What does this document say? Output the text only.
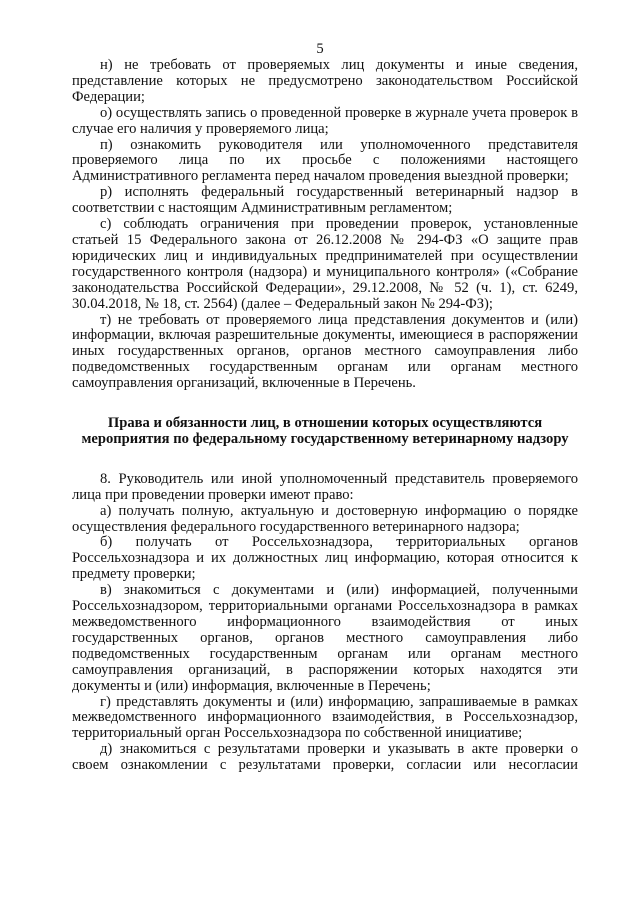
5

н) не требовать от проверяемых лиц документы и иные сведения, представление которых не предусмотрено законодательством Российской Федерации;

о) осуществлять запись о проведенной проверке в журнале учета проверок в случае его наличия у проверяемого лица;

п) ознакомить руководителя или уполномоченного представителя проверяемого лица по их просьбе с положениями настоящего Административного регламента перед началом проведения выездной проверки;

р) исполнять федеральный государственный ветеринарный надзор в соответствии с настоящим Административным регламентом;

с) соблюдать ограничения при проведении проверок, установленные статьей 15 Федерального закона от 26.12.2008 № 294-ФЗ «О защите прав юридических лиц и индивидуальных предпринимателей при осуществлении государственного контроля (надзора) и муниципального контроля» («Собрание законодательства Российской Федерации», 29.12.2008, № 52 (ч. 1), ст. 6249, 30.04.2018, № 18, ст. 2564) (далее – Федеральный закон № 294-ФЗ);

т) не требовать от проверяемого лица представления документов и (или) информации, включая разрешительные документы, имеющиеся в распоряжении иных государственных органов, органов местного самоуправления либо подведомственных государственным органам или органам местного самоуправления организаций, включенные в Перечень.

Права и обязанности лиц, в отношении которых осуществляются
мероприятия по федеральному государственному ветеринарному надзору

8. Руководитель или иной уполномоченный представитель проверяемого лица при проведении проверки имеют право:

а) получать полную, актуальную и достоверную информацию о порядке осуществления федерального государственного ветеринарного надзора;

б) получать от Россельхознадзора, территориальных органов Россельхознадзора и их должностных лиц информацию, которая относится к предмету проверки;

в) знакомиться с документами и (или) информацией, полученными Россельхознадзором, территориальными органами Россельхознадзора в рамках межведомственного информационного взаимодействия от иных государственных органов, органов местного самоуправления либо подведомственных государственным органам или органам местного самоуправления организаций, в распоряжении которых находятся эти документы и (или) информация, включенные в Перечень;

г) представлять документы и (или) информацию, запрашиваемые в рамках межведомственного информационного взаимодействия, в Россельхознадзор, территориальный орган Россельхознадзора по собственной инициативе;

д) знакомиться с результатами проверки и указывать в акте проверки о своем ознакомлении с результатами проверки, согласии или несогласии
